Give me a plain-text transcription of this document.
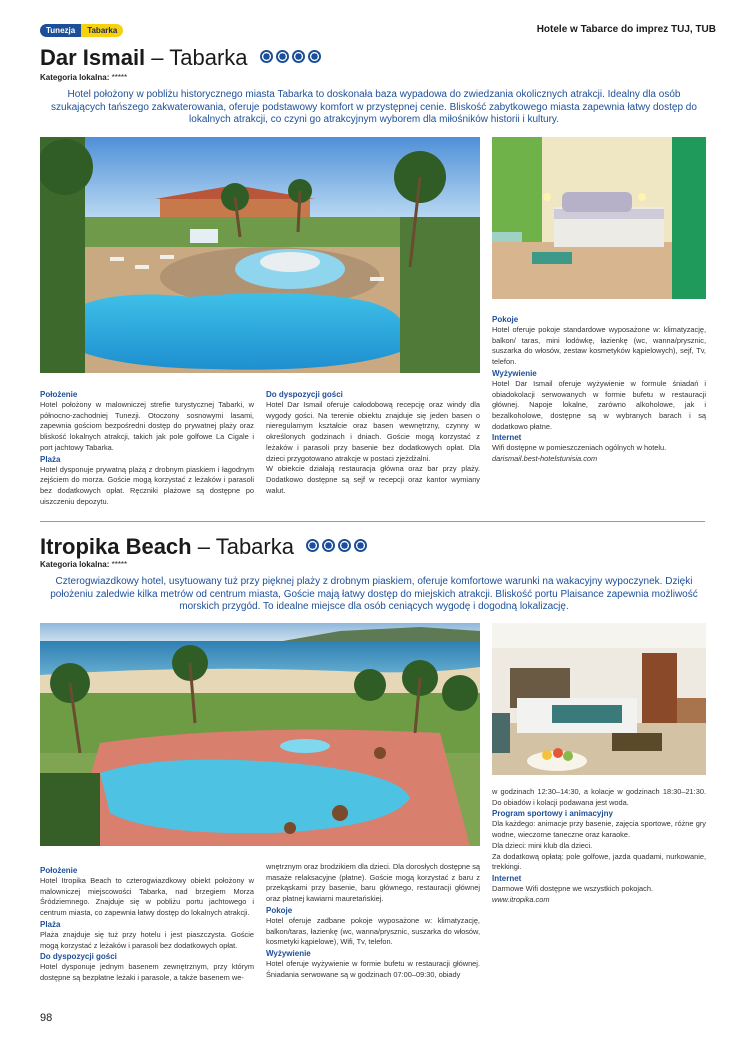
Tunezja	Tabarka	Hotele w Tabarce do imprez TUJ, TUB
Dar Ismail – Tabarka
Kategoria lokalna: *****
Hotel położony w pobliżu historycznego miasta Tabarka to doskonała baza wypadowa do zwiedzania okolicznych atrakcji. Idealny dla osób szukających tańszego zakwaterowania, oferuje podstawowy komfort w przystępnej cenie. Bliskość zabytkowego miasta zapewnia łatwy dostęp do lokalnych atrakcji, co czyni go atrakcyjnym wyborem dla miłośników historii i kultury.
Położenie

Hotel położony w malowniczej strefie turystycznej Tabarki, w północno-zachodniej Tunezji. Otoczony sosnowymi lasami, zapewnia gościom bezpośredni dostęp do prywatnej plaży oraz bliskość lokalnych atrakcji, takich jak pole golfowe La Cigale i port jachtowy Tabarka.

Plaża

Hotel dysponuje prywatną plażą z drobnym piaskiem i łagodnym zejściem do morza. Goście mogą korzystać z leżaków i parasoli bez dodatkowych opłat. Ręczniki plażowe są dostępne po uiszczeniu depozytu.

Do dyspozycji gości

Hotel Dar Ismail oferuje całodobową recepcję oraz windy dla wygody gości. Na terenie obiektu znajduje się jeden basen o nieregularnym kształcie oraz basen wewnętrzny, czynny w określonych godzinach i dniach. Goście mogą korzystać z leżaków i parasoli przy basenie bez dodatkowych opłat. Dla dzieci przygotowano atrakcje w postaci zjeżdżalni.

W obiekcie działają restauracja główna oraz bar przy plaży. Dodatkowo dostępne są sejf w recepcji oraz kantor wymiany walut.

Pokoje

Hotel oferuje pokoje standardowe wyposażone w: klimatyzację, balkon/ taras, mini lodówkę, łazienkę (wc, wanna/prysznic, suszarka do włosów, zestaw kosmetyków kąpielowych), sejf, Tv, telefon.

Wyżywienie

Hotel Dar Ismail oferuje wyżywienie w formule śniadań i obiadokolacji serwowanych w formie bufetu w restauracji głównej. Napoje lokalne, zarówno alkoholowe, jak i bezalkoholowe, dostępne są w wybranych barach i są dodatkowo płatne.

Internet

Wifi dostępne w pomieszczeniach ogólnych w hotelu.

darismail.best-hotelstunisia.com

Itropika Beach – Tabarka
Kategoria lokalna: *****
Czterogwiazdkowy hotel, usytuowany tuż przy pięknej plaży z drobnym piaskiem, oferuje komfortowe warunki na wakacyjny wypoczynek. Dzięki położeniu zaledwie kilka metrów od centrum miasta, Goście mają łatwy dostęp do miejskich atrakcji. Bliskość portu Plaisance zapewnia możliwość morskich przygód. To idealne miejsce dla osób ceniących wygodę i dogodną lokalizację.
Położenie

Hotel Itropika Beach to czterogwiazdkowy obiekt położony w malowniczej miejscowości Tabarka, nad brzegiem Morza Śródziemnego. Znajduje się w pobliżu portu jachtowego i centrum miasta, co zapewnia łatwy dostęp do lokalnych atrakcji.

Plaża

Plaża znajduje się tuż przy hotelu i jest piaszczysta. Goście mogą korzystać z leżaków i parasoli bez dodatkowych opłat.

Do dyspozycji gości

Hotel dysponuje jednym basenem zewnętrznym, przy którym dostępne są bezpłatne leżaki i parasole, a także basenem we-

wnętrznym oraz brodzikiem dla dzieci. Dla dorosłych dostępne są masaże relaksacyjne (płatne). Goście mogą korzystać z baru z przekąskami przy basenie, baru głównego, restauracji głównej oraz płatnej kawiarni mauretańskiej.

Pokoje

Hotel oferuje zadbane pokoje wyposażone w: klimatyzację, balkon/taras, łazienkę (wc, wanna/prysznic, suszarka do włosów, kosmetyki kąpielowe), Wifi, Tv, telefon.

Wyżywienie

Hotel oferuje wyżywienie w formie bufetu w restauracji głównej. Śniadania serwowane są w godzinach 07:00–09:30, obiady

w godzinach 12:30–14:30, a kolacje w godzinach 18:30–21:30. Do obiadów i kolacji podawana jest woda.

Program sportowy i animacyjny

Dla każdego: animacje przy basenie, zajęcia sportowe, różne gry wodne, wieczorne taneczne oraz karaoke.

Dla dzieci: mini klub dla dzieci.

Za dodatkową opłatą: pole golfowe, jazda quadami, nurkowanie, trekkingi.

Internet

Darmowe Wifi dostępne we wszystkich pokojach.

www.itropika.com

98
